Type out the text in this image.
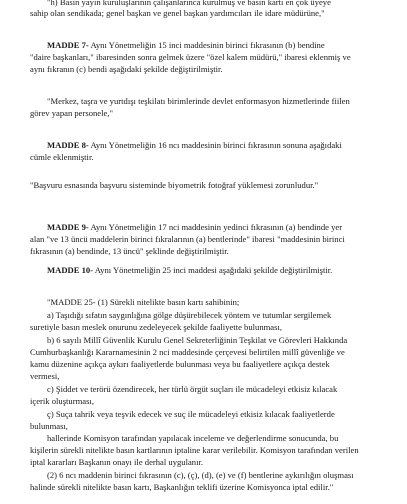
"h) Basın yayın kuruluşlarının çalışanlarınca kurulmuş ve basın kartı en çok üyeye
sahip olan sendikada; genel başkan ve genel başkan yardımcıları ile idare müdürüne,"
MADDE 7- Aynı Yönetmeliğin 15 inci maddesinin birinci fıkrasının (b) bendine
"daire başkanları," ibaresinden sonra gelmek üzere "özel kalem müdürü," ibaresi eklenmiş ve
aynı fıkranın (c) bendi aşağıdaki şekilde değiştirilmiştir.
"Merkez, taşra ve yurtdışı teşkilatı birimlerinde devlet enformasyon hizmetlerinde fiilen
görev yapan personele,"
MADDE 8- Aynı Yönetmeliğin 16 ncı maddesinin birinci fıkrasının sonuna aşağıdaki
cümle eklenmiştir.
"Başvuru esnasında başvuru sisteminde biyometrik fotoğraf yüklemesi zorunludur."
MADDE 9- Aynı Yönetmeliğin 17 nci maddesinin yedinci fıkrasının (a) bendinde yer
alan "ve 13 üncü maddelerin birinci fıkralarının (a) bentlerinde" ibaresi "maddesinin birinci
fıkrasının (a) bendinde, 13 üncü" şeklinde değiştirilmiştir.
MADDE 10- Aynı Yönetmeliğin 25 inci maddesi aşağıdaki şekilde değiştirilmiştir.
"MADDE 25- (1) Sürekli nitelikte basın kartı sahibinin;
a) Taşıdığı sıfatın saygınlığına gölge düşürebilecek yöntem ve tutumlar sergilemek
suretiyle basın meslek onurunu zedeleyecek şekilde faaliyette bulunması,
b) 6 sayılı Millî Güvenlik Kurulu Genel Sekreterliğinin Teşkilat ve Görevleri Hakkında
Cumhurbaşkanlığı Kararnamesinin 2 nci maddesinde çerçevesi belirtilen millî güvenliğe ve
kamu düzenine açıkça aykırı faaliyetlerde bulunması veya bu faaliyetlere açıkça destek
vermesi,
c) Şiddet ve terörü özendirecek, her türlü örgüt suçları ile mücadeleyi etkisiz kılacak
içerik oluşturması,
ç) Suça tahrik veya teşvik edecek ve suç ile mücadeleyi etkisiz kılacak faaliyetlerde
bulunması,
hallerinde Komisyon tarafından yapılacak inceleme ve değerlendirme sonucunda, bu
kişilerin sürekli nitelikte basın kartlarının iptaline karar verilebilir. Komisyon tarafından verilen
iptal kararları Başkanın onayı ile derhal uygulanır.
(2) 6 ncı maddenin birinci fıkrasının (c), (ç), (d), (e) ve (f) bentlerine aykırılığın oluşması
halinde sürekli nitelikte basın kartı, Başkanlığın teklifi üzerine Komisyonca iptal edilir."
